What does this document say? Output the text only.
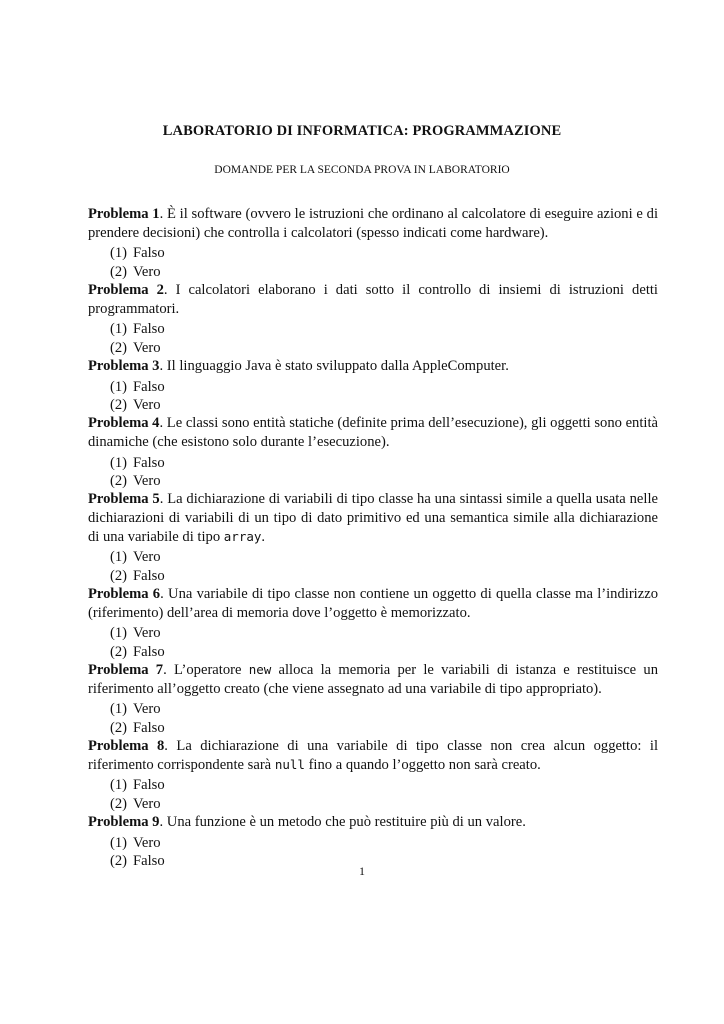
LABORATORIO DI INFORMATICA: PROGRAMMAZIONE
DOMANDE PER LA SECONDA PROVA IN LABORATORIO

Problema 1. È il software (ovvero le istruzioni che ordinano al calcolatore di eseguire azioni e di prendere decisioni) che controlla i calcolatori (spesso indicati come hardware).

(1) Falso
(2) Vero

Problema 2. I calcolatori elaborano i dati sotto il controllo di insiemi di istruzioni detti programmatori.

(1) Falso
(2) Vero

Problema 3. Il linguaggio Java è stato sviluppato dalla AppleComputer.

(1) Falso
(2) Vero

Problema 4. Le classi sono entità statiche (definite prima dell’esecuzione), gli oggetti sono entità dinamiche (che esistono solo durante l’esecuzione).

(1) Falso
(2) Vero

Problema 5. La dichiarazione di variabili di tipo classe ha una sintassi simile a quella usata nelle dichiarazioni di variabili di un tipo di dato primitivo ed una semantica simile alla dichiarazione di una variabile di tipo array.

(1) Vero
(2) Falso

Problema 6. Una variabile di tipo classe non contiene un oggetto di quella classe ma l’indirizzo (riferimento) dell’area di memoria dove l’oggetto è memorizzato.

(1) Vero
(2) Falso

Problema 7. L’operatore new alloca la memoria per le variabili di istanza e restituisce un riferimento all’oggetto creato (che viene assegnato ad una variabile di tipo appropriato).

(1) Vero
(2) Falso

Problema 8. La dichiarazione di una variabile di tipo classe non crea alcun oggetto: il riferimento corrispondente sarà null fino a quando l’oggetto non sarà creato.

(1) Falso
(2) Vero

Problema 9. Una funzione è un metodo che può restituire più di un valore.

(1) Vero
(2) Falso
1
